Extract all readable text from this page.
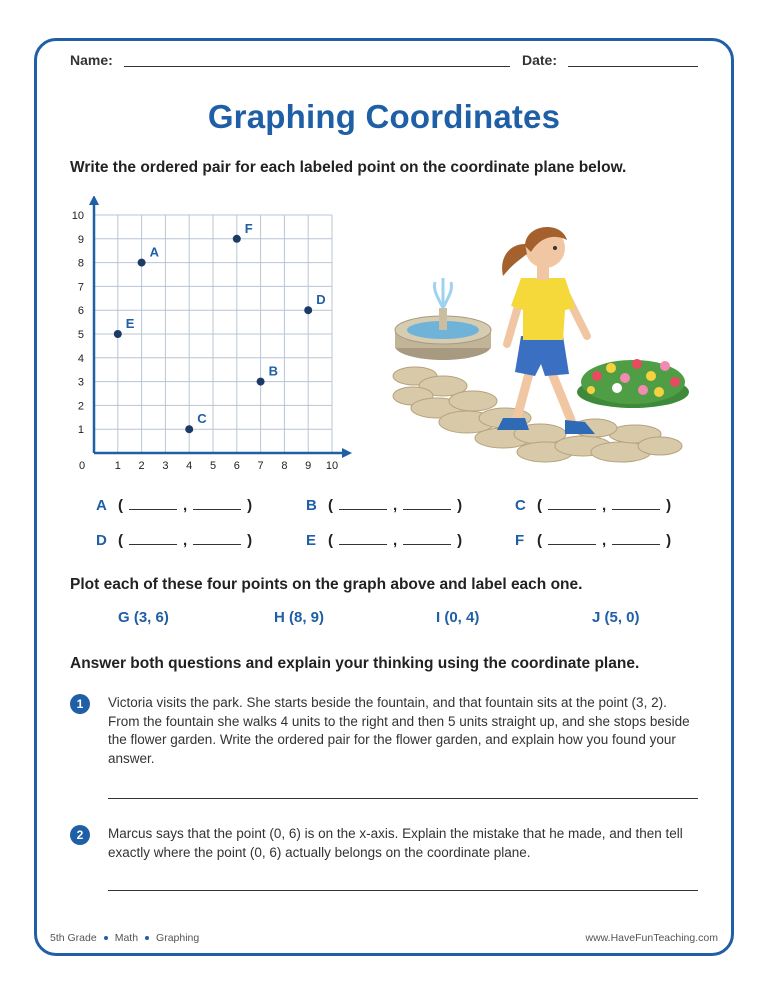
Name:	Date:
Graphing Coordinates
Write the ordered pair for each labeled point on the coordinate plane below.
0	1 2 3 4 5 6 7 8 9 10
1
2
3
4
5
6
7
8
9
10
A
B
C
D
E
F
A (	,	)	B (	,	)	C (	,	)
D (	,	)	E (	,	)	F (	,	)
Plot each of these four points on the graph above and label each one.
G (3, 6)	H (8, 9)	I (0, 4)	J (5, 0)
Answer both questions and explain your thinking using the coordinate plane.
1	Victoria visits the park. She starts beside the fountain, and that fountain sits at the point (3, 2). From the fountain she walks 4 units to the right and then 5 units straight up, and she stops beside the flower garden. Write the ordered pair for the flower garden, and explain how you found your answer.
2	Marcus says that the point (0, 6) is on the x-axis. Explain the mistake that he made, and then tell exactly where the point (0, 6) actually belongs on the coordinate plane.
5th Grade Math Graphing	www.HaveFunTeaching.com
